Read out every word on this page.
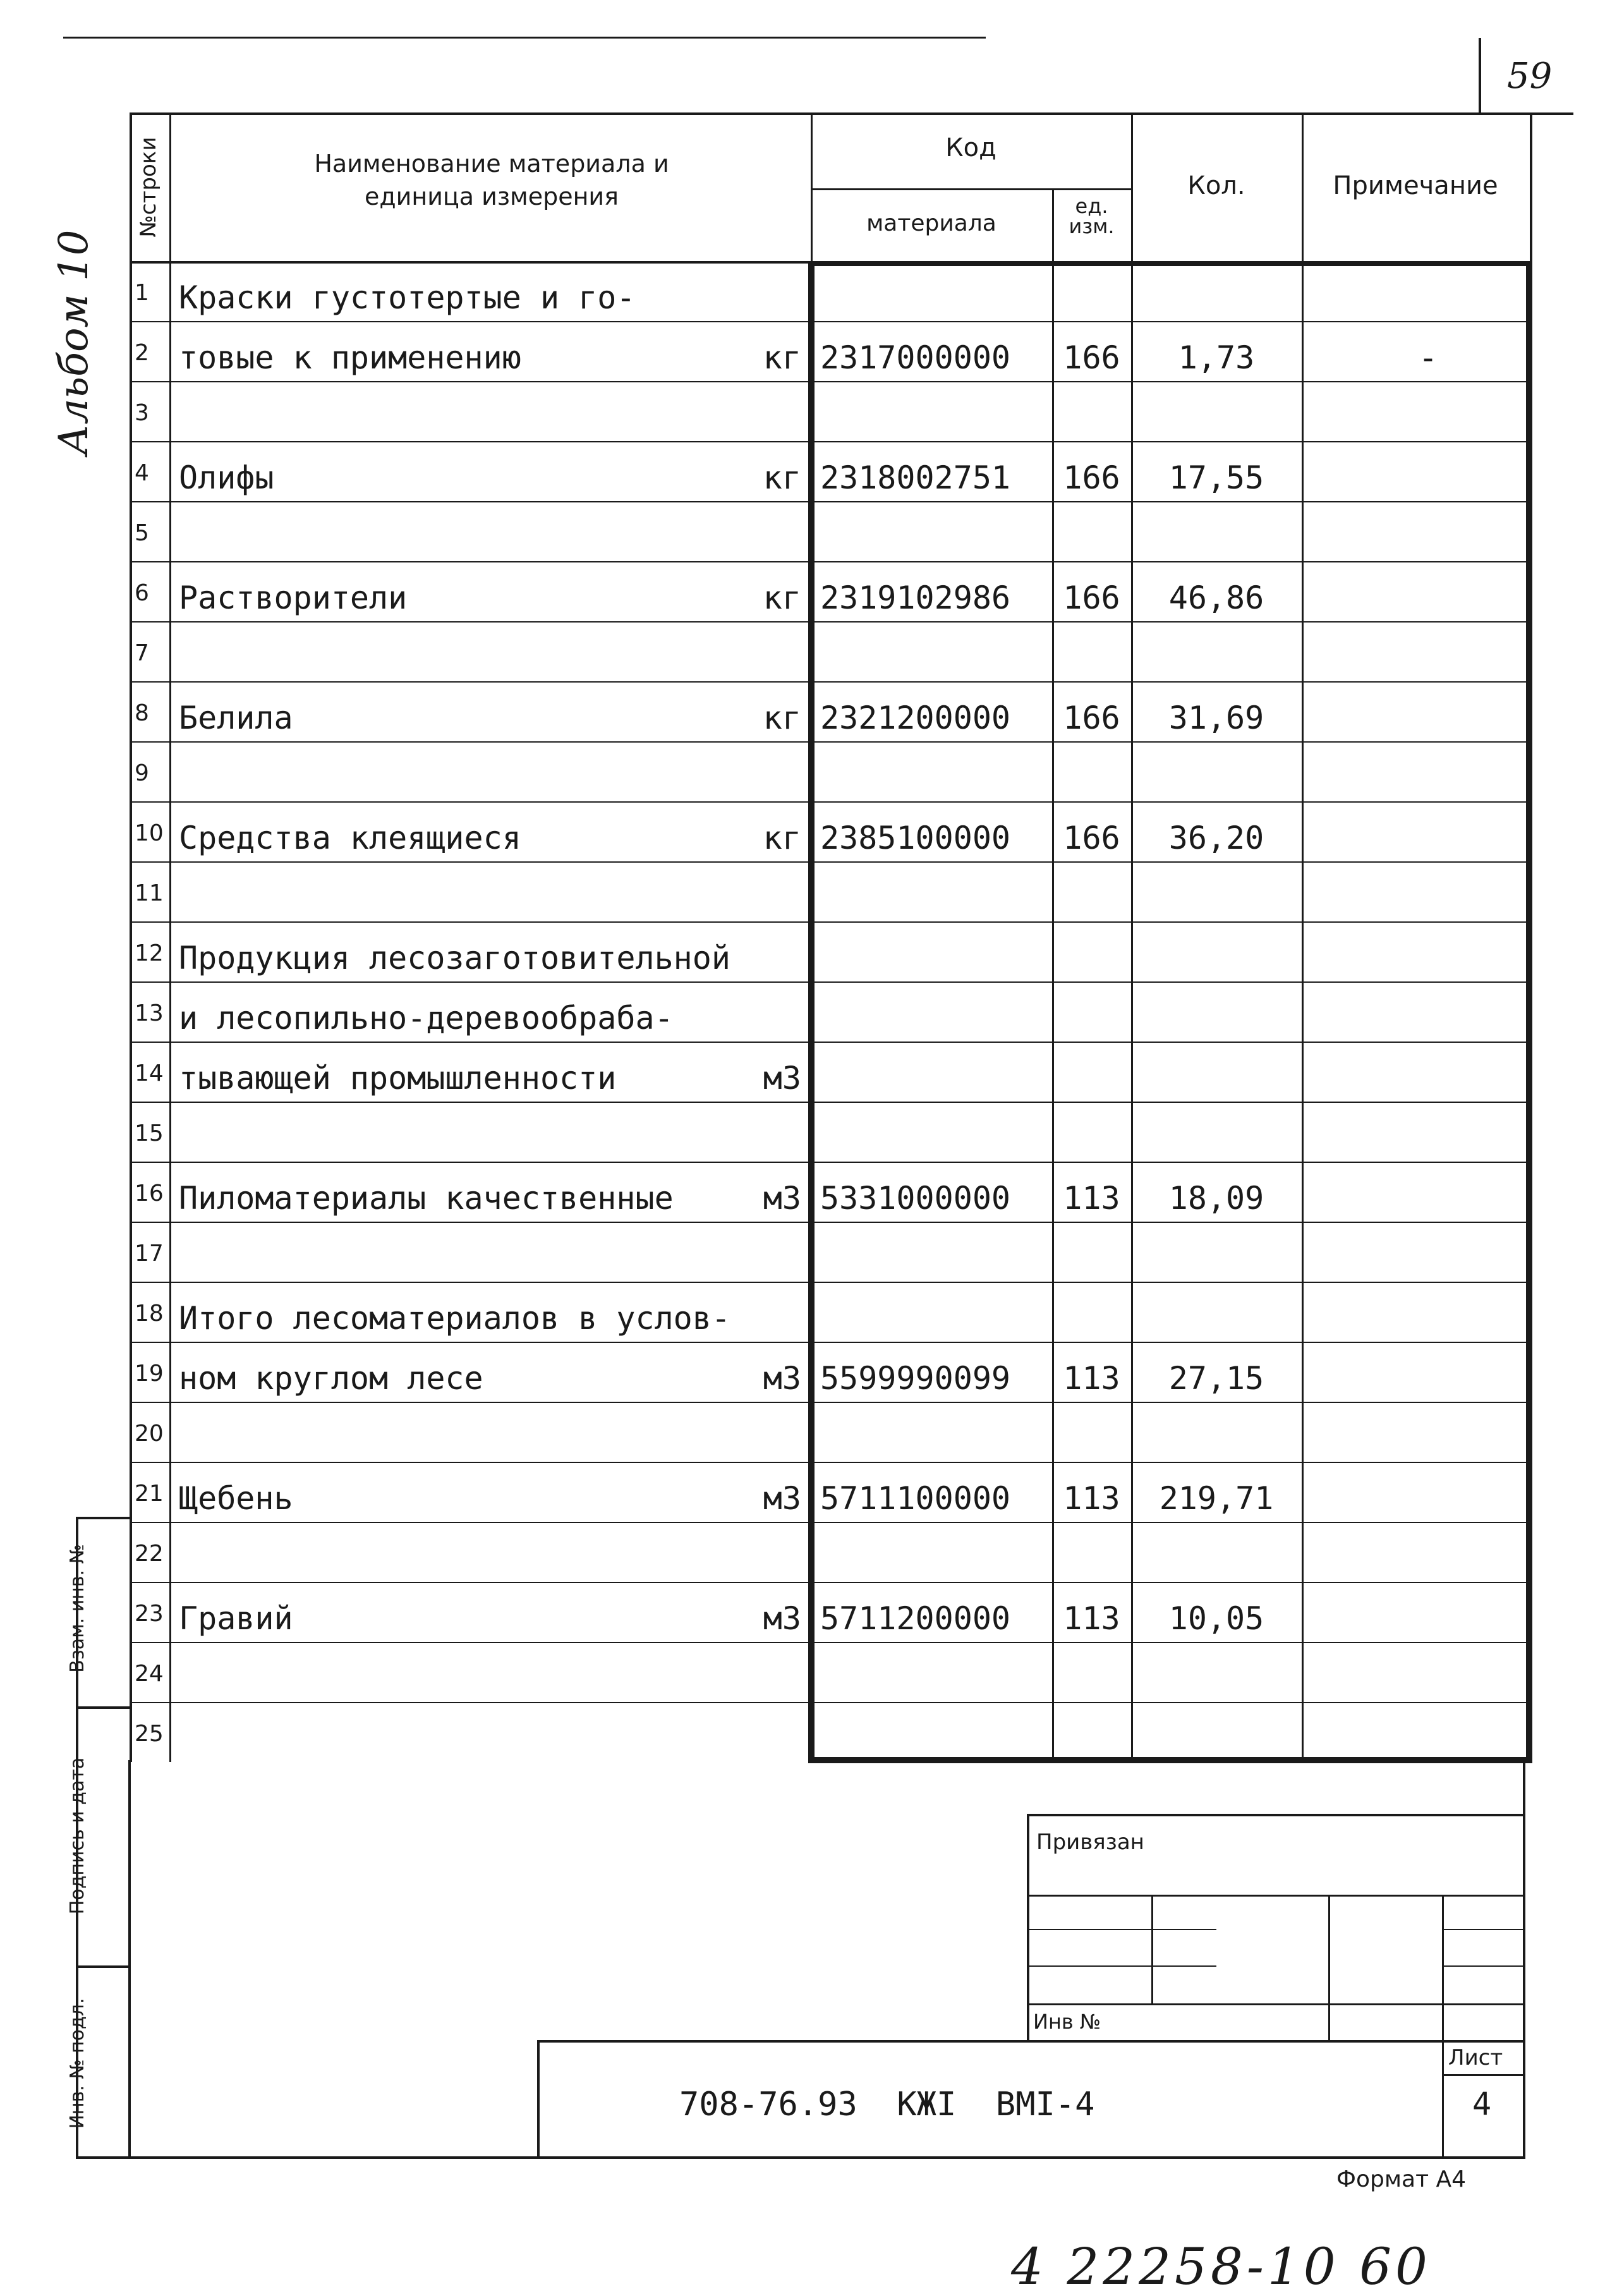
59
Альбом 10
№строки	Наименование материала и единица измерения
Код
материала
ед. изм.
Кол.	Примечание
1 Краски густотертые и го-
2 товые к применению	кг 2317000000	166	1,73	-
3
4 Олифы	кг 2318002751	166	17,55
5
6 Растворители	кг 2319102986	166	46,86
7
8 Белила	кг 2321200000	166	31,69
9
10 Средства клеящиеся	кг 2385100000	166	36,20
11
12 Продукция лесозаготовительной
13 и лесопильно-деревообраба-
14 тывающей промышленности	м3
15
16 Пиломатериалы качественные	м3 5331000000	113	18,09
17
18 Итого лесоматериалов в услов-
19 ном круглом лесе	м3 5599990099	113	27,15
20
21 Щебень	м3 5711100000	113	219,71
22
23 Гравий	м3 5711200000	113	10,05
24
25
Взам. инв. №
Подпись и дата
Инв. № подл.
Привязан
Инв №
708-76.93  КЖI  ВМI-4
Лист
4
Формат А4
4 22258-10 60
